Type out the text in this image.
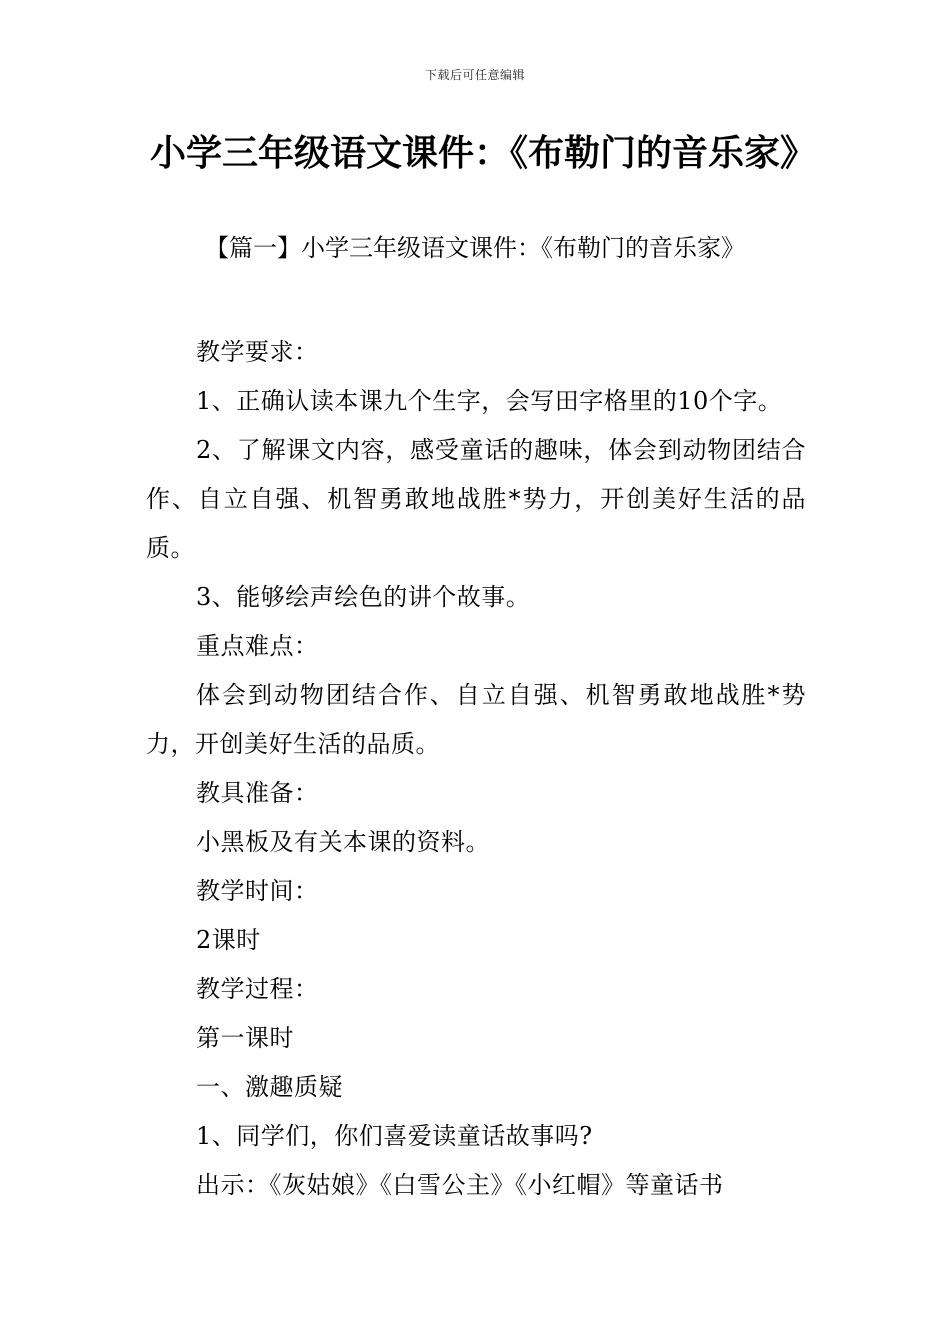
下载后可任意编辑
小学三年级语文课件：《布勒门的音乐家》

【篇一】小学三年级语文课件：《布勒门的音乐家》

教学要求：

1、正确认读本课九个生字，会写田字格里的10个字。

2、了解课文内容，感受童话的趣味，体会到动物团结合作、自立自强、机智勇敢地战胜*势力，开创美好生活的品质。

3、能够绘声绘色的讲个故事。

重点难点：

体会到动物团结合作、自立自强、机智勇敢地战胜*势力，开创美好生活的品质。

教具准备：

小黑板及有关本课的资料。

教学时间：

2课时

教学过程：

第一课时

一、激趣质疑

1、同学们，你们喜爱读童话故事吗?

出示：《灰姑娘》《白雪公主》《小红帽》等童话书
